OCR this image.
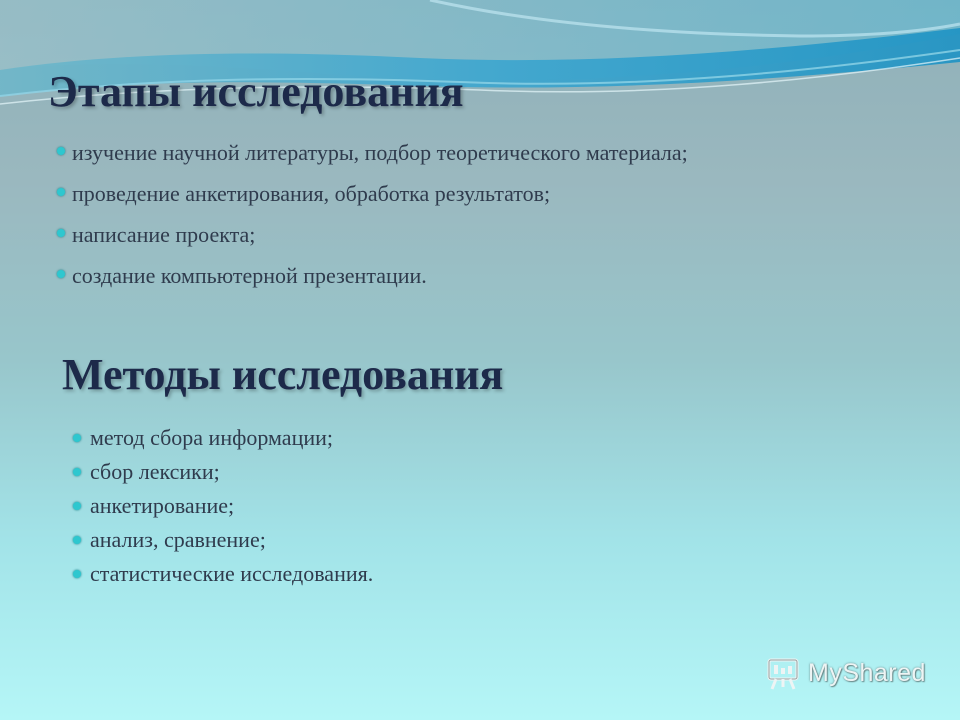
Этапы исследования
изучение научной литературы, подбор теоретического материала;
проведение анкетирования, обработка результатов;
написание проекта;
создание компьютерной презентации.
Методы исследования
метод сбора информации;
сбор лексики;
анкетирование;
анализ, сравнение;
статистические исследования.
MyShared
